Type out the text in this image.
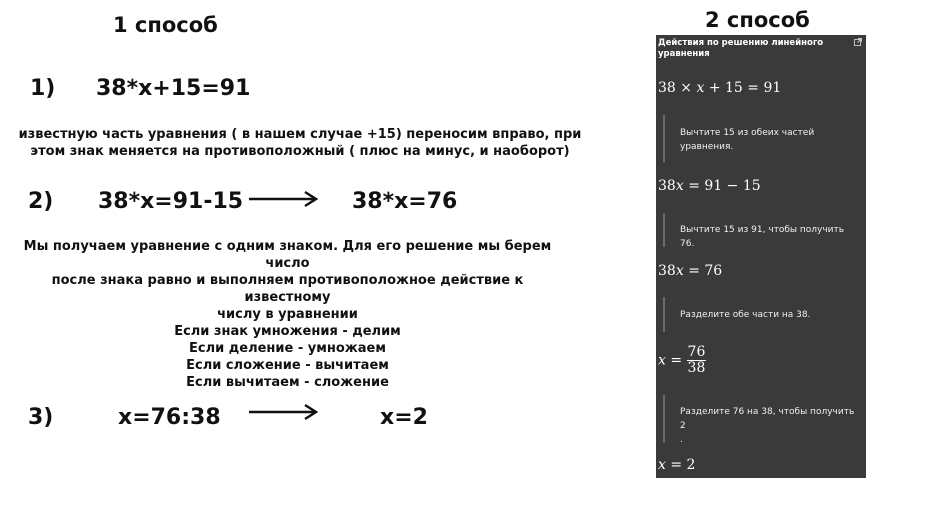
1 способ
1) 38*x+15=91
известную часть уравнения ( в нашем случае +15) переносим вправо, при
этом знак меняется на противоположный ( плюс на минус, и наоборот)
2) 38*x=91-15	38*x=76
Мы получаем уравнение с одним знаком. Для его решение мы берем число
после знака равно и выполняем противоположное действие к известному
числу в уравнении
Если знак умножения - делим
Если деление - умножаем
Если сложение - вычитаем
Если вычитаем - сложение
3)	x=76:38	x=2
2 способ
Действия по решению линейного уравнения
38 × x + 15 = 91
Вычтите 15 из обеих частей
уравнения.
38x = 91 − 15
Вычтите 15 из 91, чтобы получить 76.
38x = 76
Разделите обе части на 38.
$x = \frac{76}{38}$
Разделите 76 на 38, чтобы получить 2
.
x = 2
